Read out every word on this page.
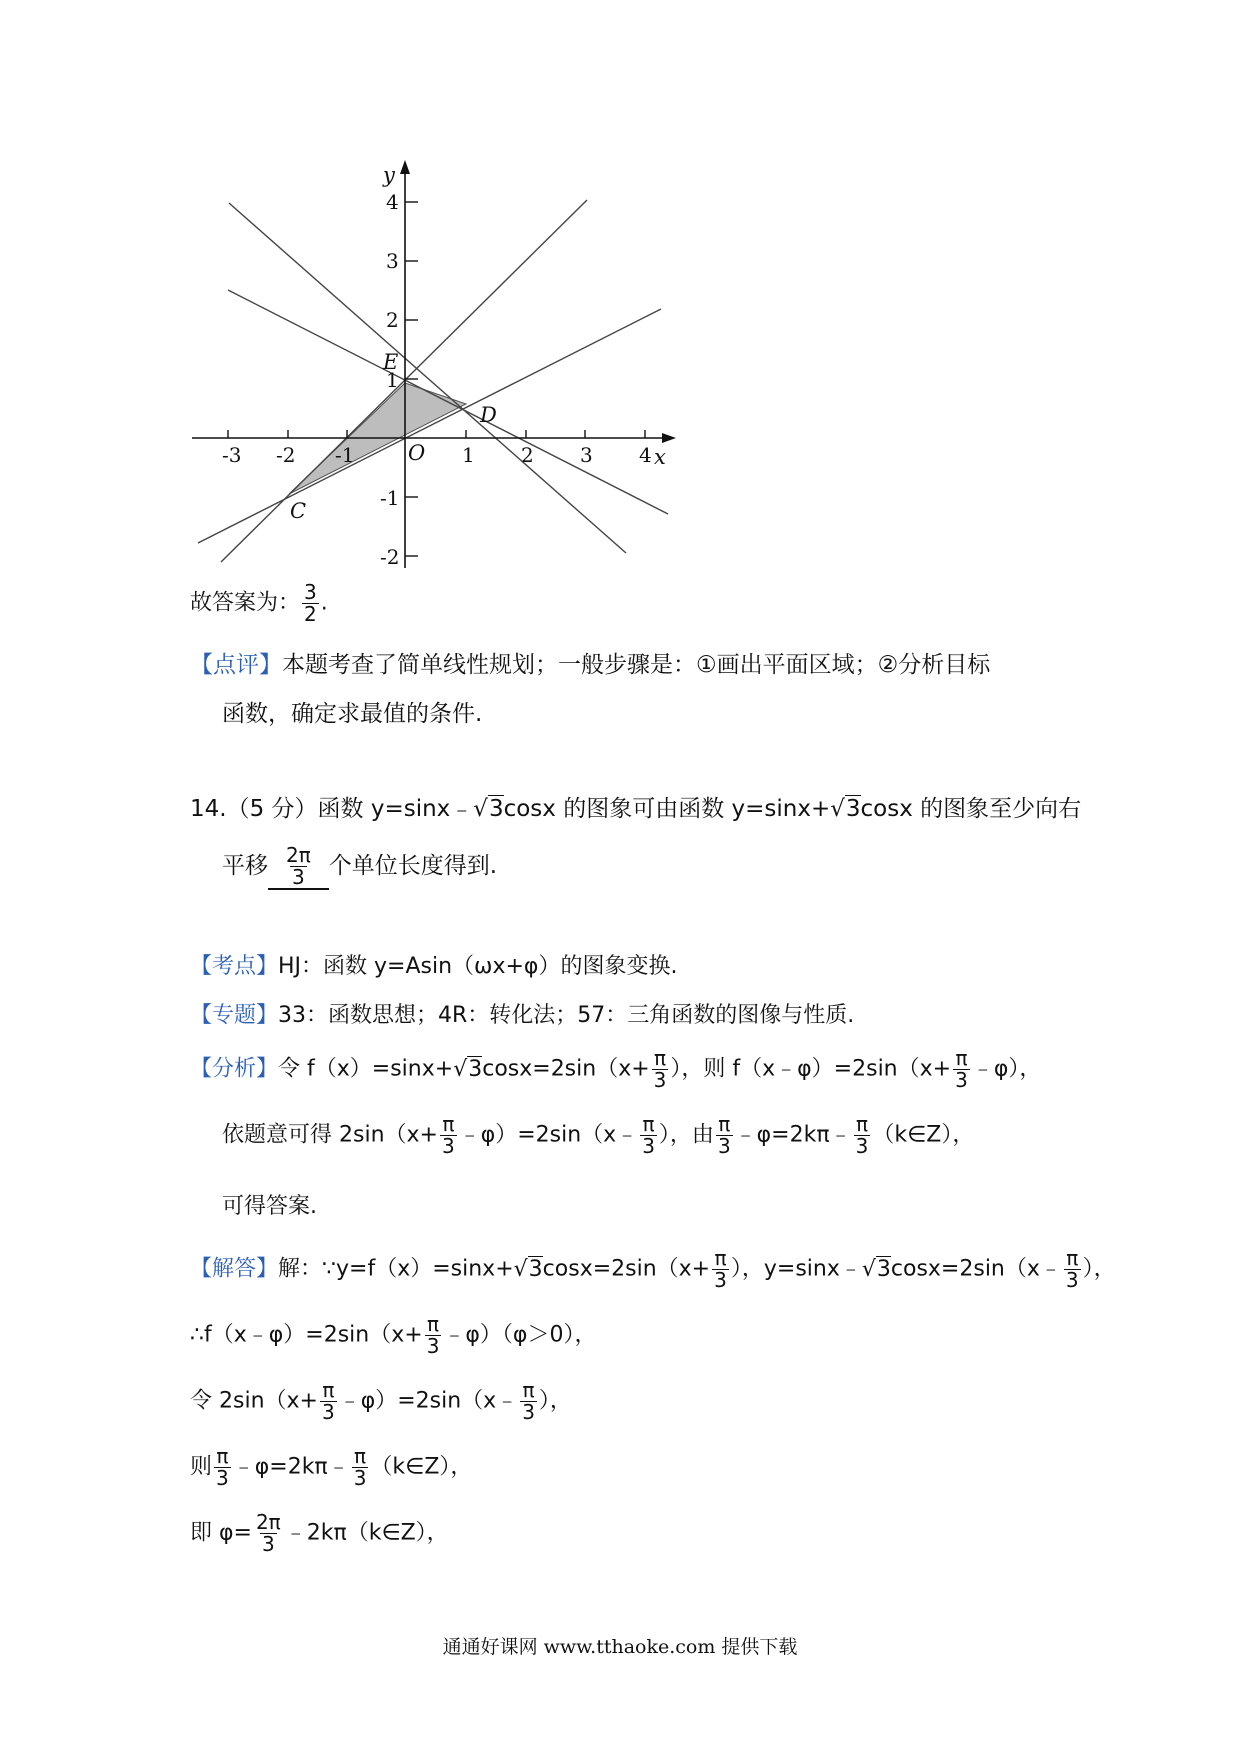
-3 -2 -1	1 2 3 4
4
3
2
1
-1
-2
x
y
O
E
D
C
故答案为： $\frac{3}{2}$ .
【点评】本题考查了简单线性规划；一般步骤是：①画出平面区域；②分析目标
函数，确定求最值的条件.
14.（5 分）函数 y=sinx﹣√3cosx 的图象可由函数 y=sinx+√3cosx 的图象至少向右
平移 $\frac{2\pi}{3}$ 个单位长度得到.
【考点】HJ：函数 y=Asin（ωx+φ）的图象变换.
【专题】33：函数思想；4R：转化法；57：三角函数的图像与性质.
【分析】令 $f(x)=\sin x+√3\cos x=2\sin(x+ \frac{\pi}{3}$ ），则 f（x﹣φ）=2sin（x+ $\frac{\pi}{3}$ ﹣φ），
依题意可得 $2\sin(x+ \frac{\pi}{3}$ ﹣φ）=2sin（x﹣ $\frac{\pi}{3}$ ），由 $\frac{\pi}{3}$ ﹣φ=2kπ﹣ $\frac{\pi}{3}$ （k∈Z），
可得答案.
【解答】解：∵y=f（x）=sinx+√3cosx=2sin（x+ $\frac{\pi}{3}$ ），y=sinx﹣√3cosx=2sin（x﹣ $\frac{\pi}{3}$ ），
∴f（x﹣φ）=2sin（x+ $\frac{\pi}{3}$ ﹣φ）（φ＞0），
令 $2\sin(x+ \frac{\pi}{3}$ ﹣φ）=2sin（x﹣ $\frac{\pi}{3}$ ），
则 $\frac{\pi}{3}$ ﹣φ=2kπ﹣ $\frac{\pi}{3}$ （k∈Z），
即 $\varphi= \frac{2\pi}{3}$ ﹣2kπ（k∈Z），
通通好课网 www.tthaoke.com 提供下载
